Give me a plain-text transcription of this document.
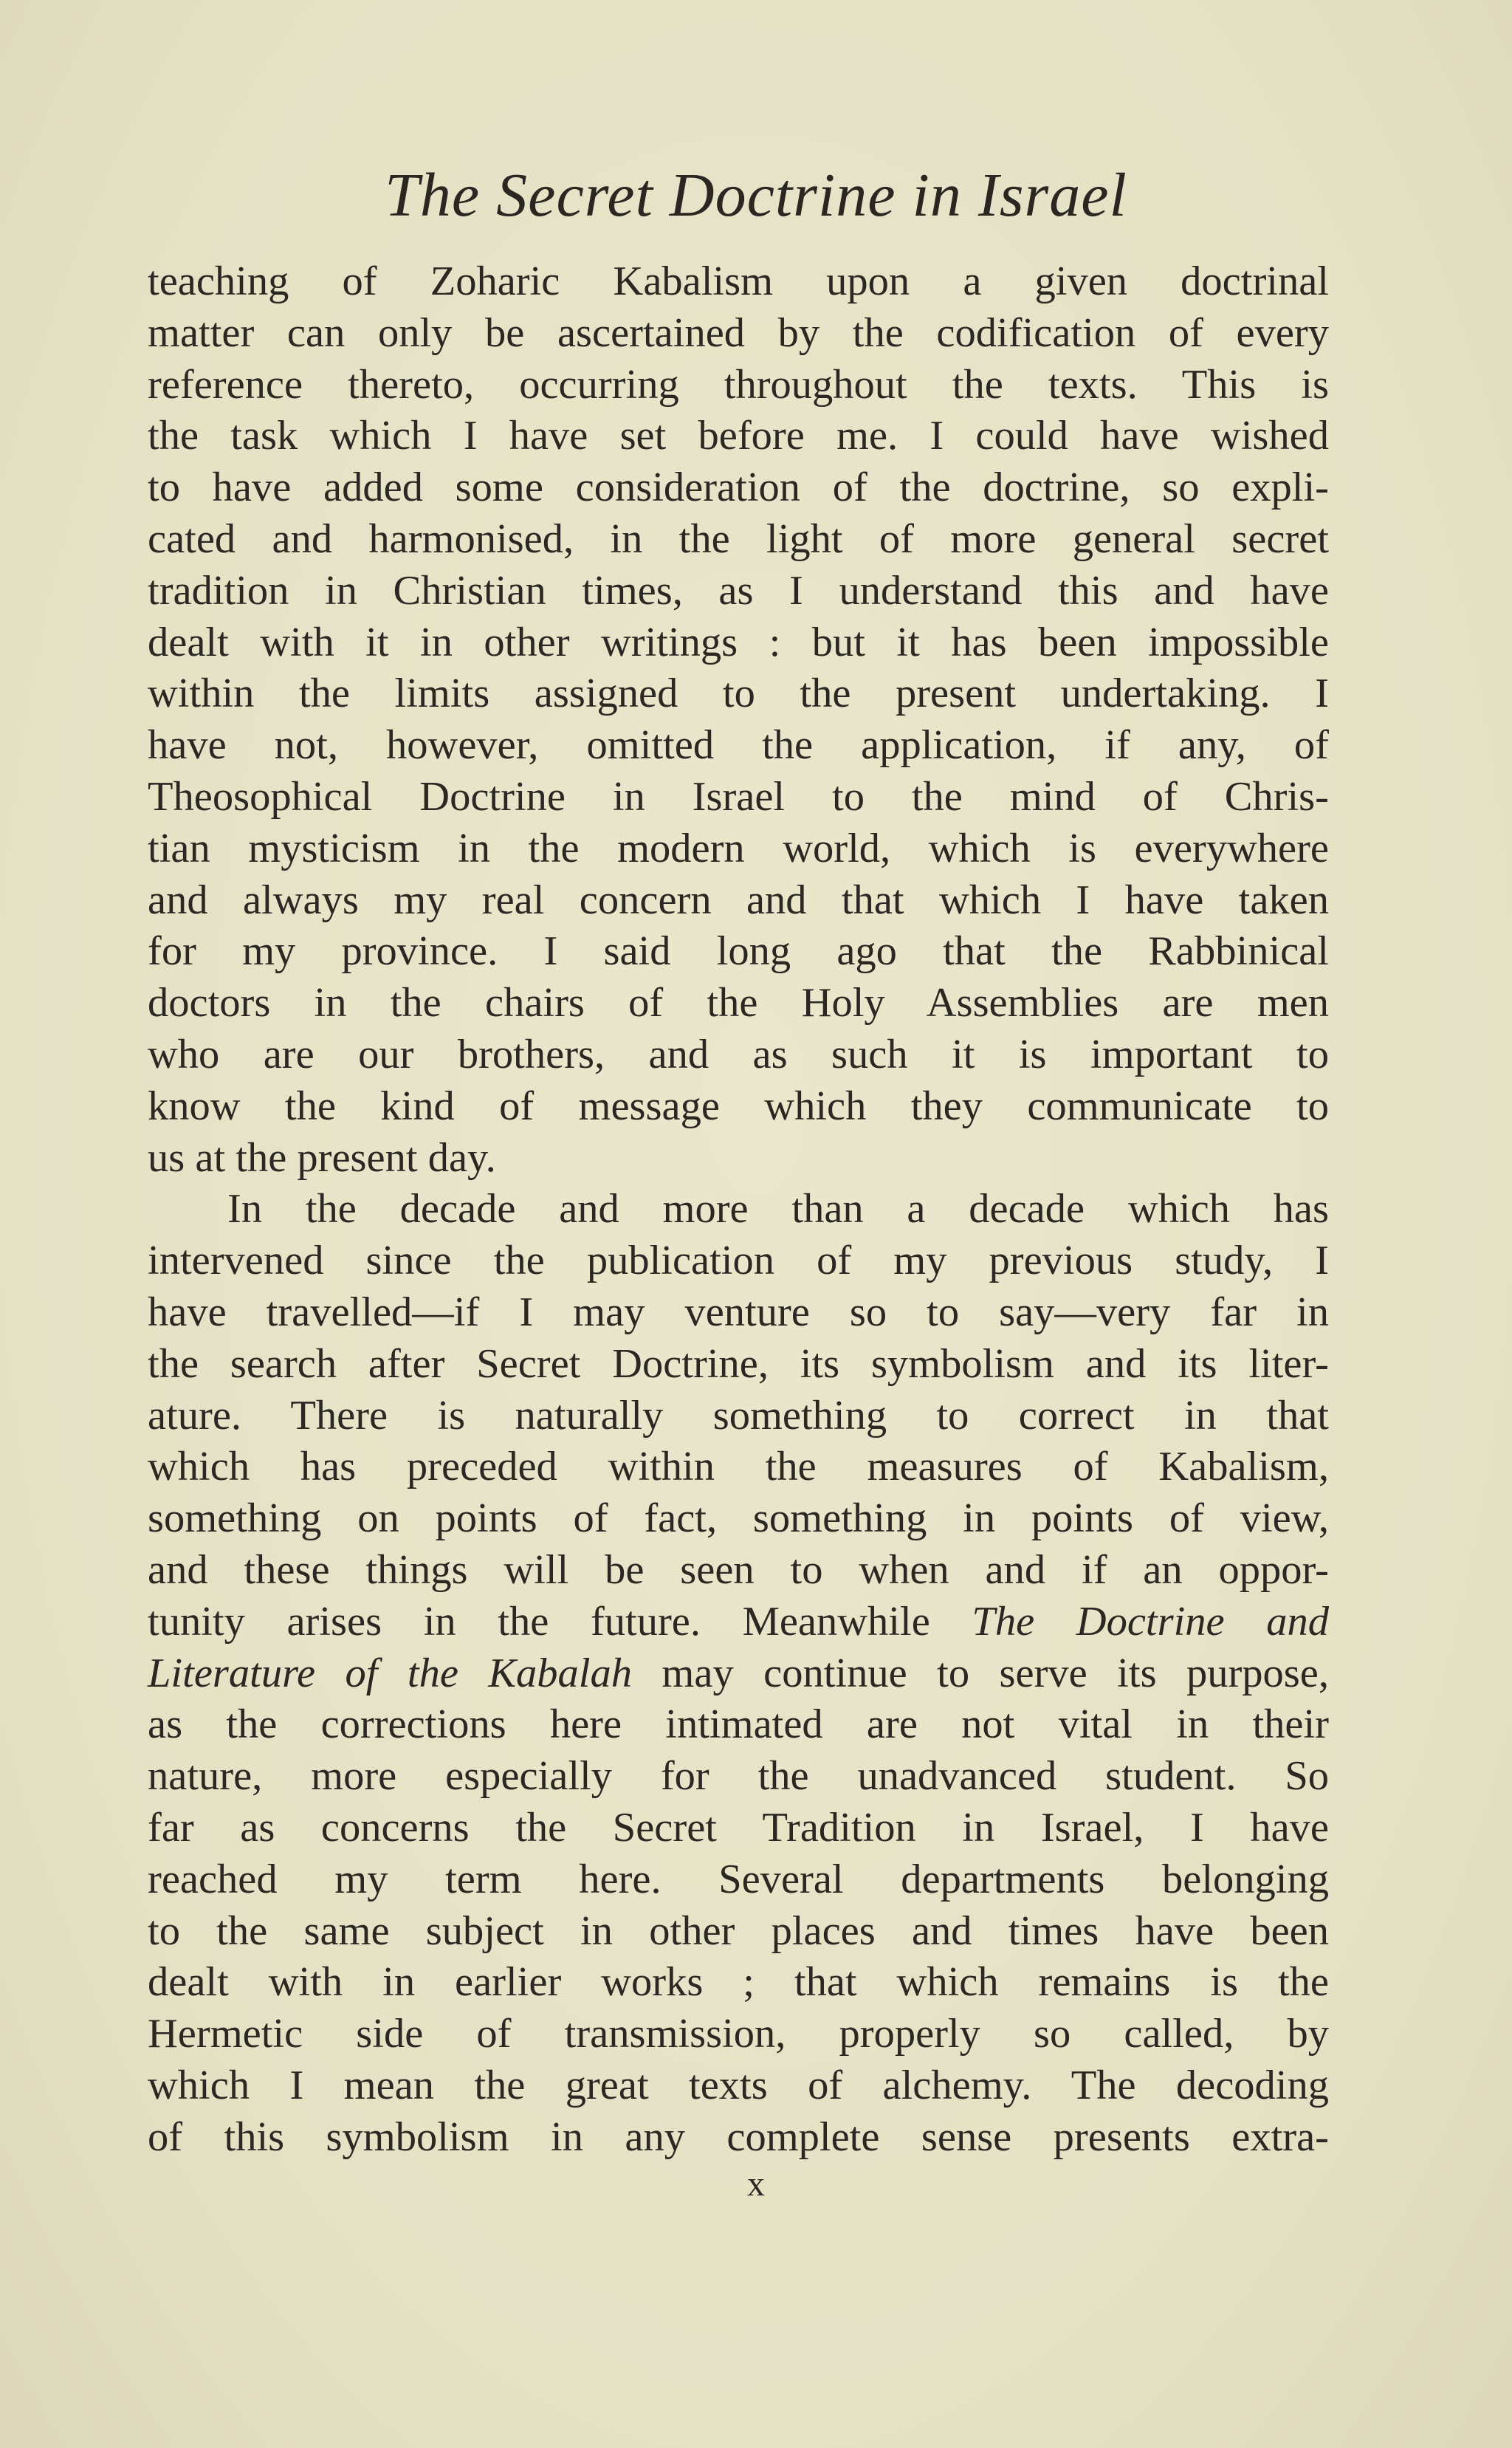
The Secret Doctrine in Israel
teaching of Zoharic Kabalism upon a given doctrinal
matter can only be ascertained by the codification of every
reference thereto, occurring throughout the texts. This is
the task which I have set before me. I could have wished
to have added some consideration of the doctrine, so expli-
cated and harmonised, in the light of more general secret
tradition in Christian times, as I understand this and have
dealt with it in other writings : but it has been impossible
within the limits assigned to the present undertaking. I
have not, however, omitted the application, if any, of
Theosophical Doctrine in Israel to the mind of Chris-
tian mysticism in the modern world, which is everywhere
and always my real concern and that which I have taken
for my province. I said long ago that the Rabbinical
doctors in the chairs of the Holy Assemblies are men
who are our brothers, and as such it is important to
know the kind of message which they communicate to
us at the present day.
In the decade and more than a decade which has
intervened since the publication of my previous study, I
have travelled—if I may venture so to say—very far in
the search after Secret Doctrine, its symbolism and its liter-
ature. There is naturally something to correct in that
which has preceded within the measures of Kabalism,
something on points of fact, something in points of view,
and these things will be seen to when and if an oppor-
tunity arises in the future. Meanwhile The Doctrine and
Literature of the Kabalah may continue to serve its purpose,
as the corrections here intimated are not vital in their
nature, more especially for the unadvanced student. So
far as concerns the Secret Tradition in Israel, I have
reached my term here. Several departments belonging
to the same subject in other places and times have been
dealt with in earlier works ; that which remains is the
Hermetic side of transmission, properly so called, by
which I mean the great texts of alchemy. The decoding
of this symbolism in any complete sense presents extra-
x
